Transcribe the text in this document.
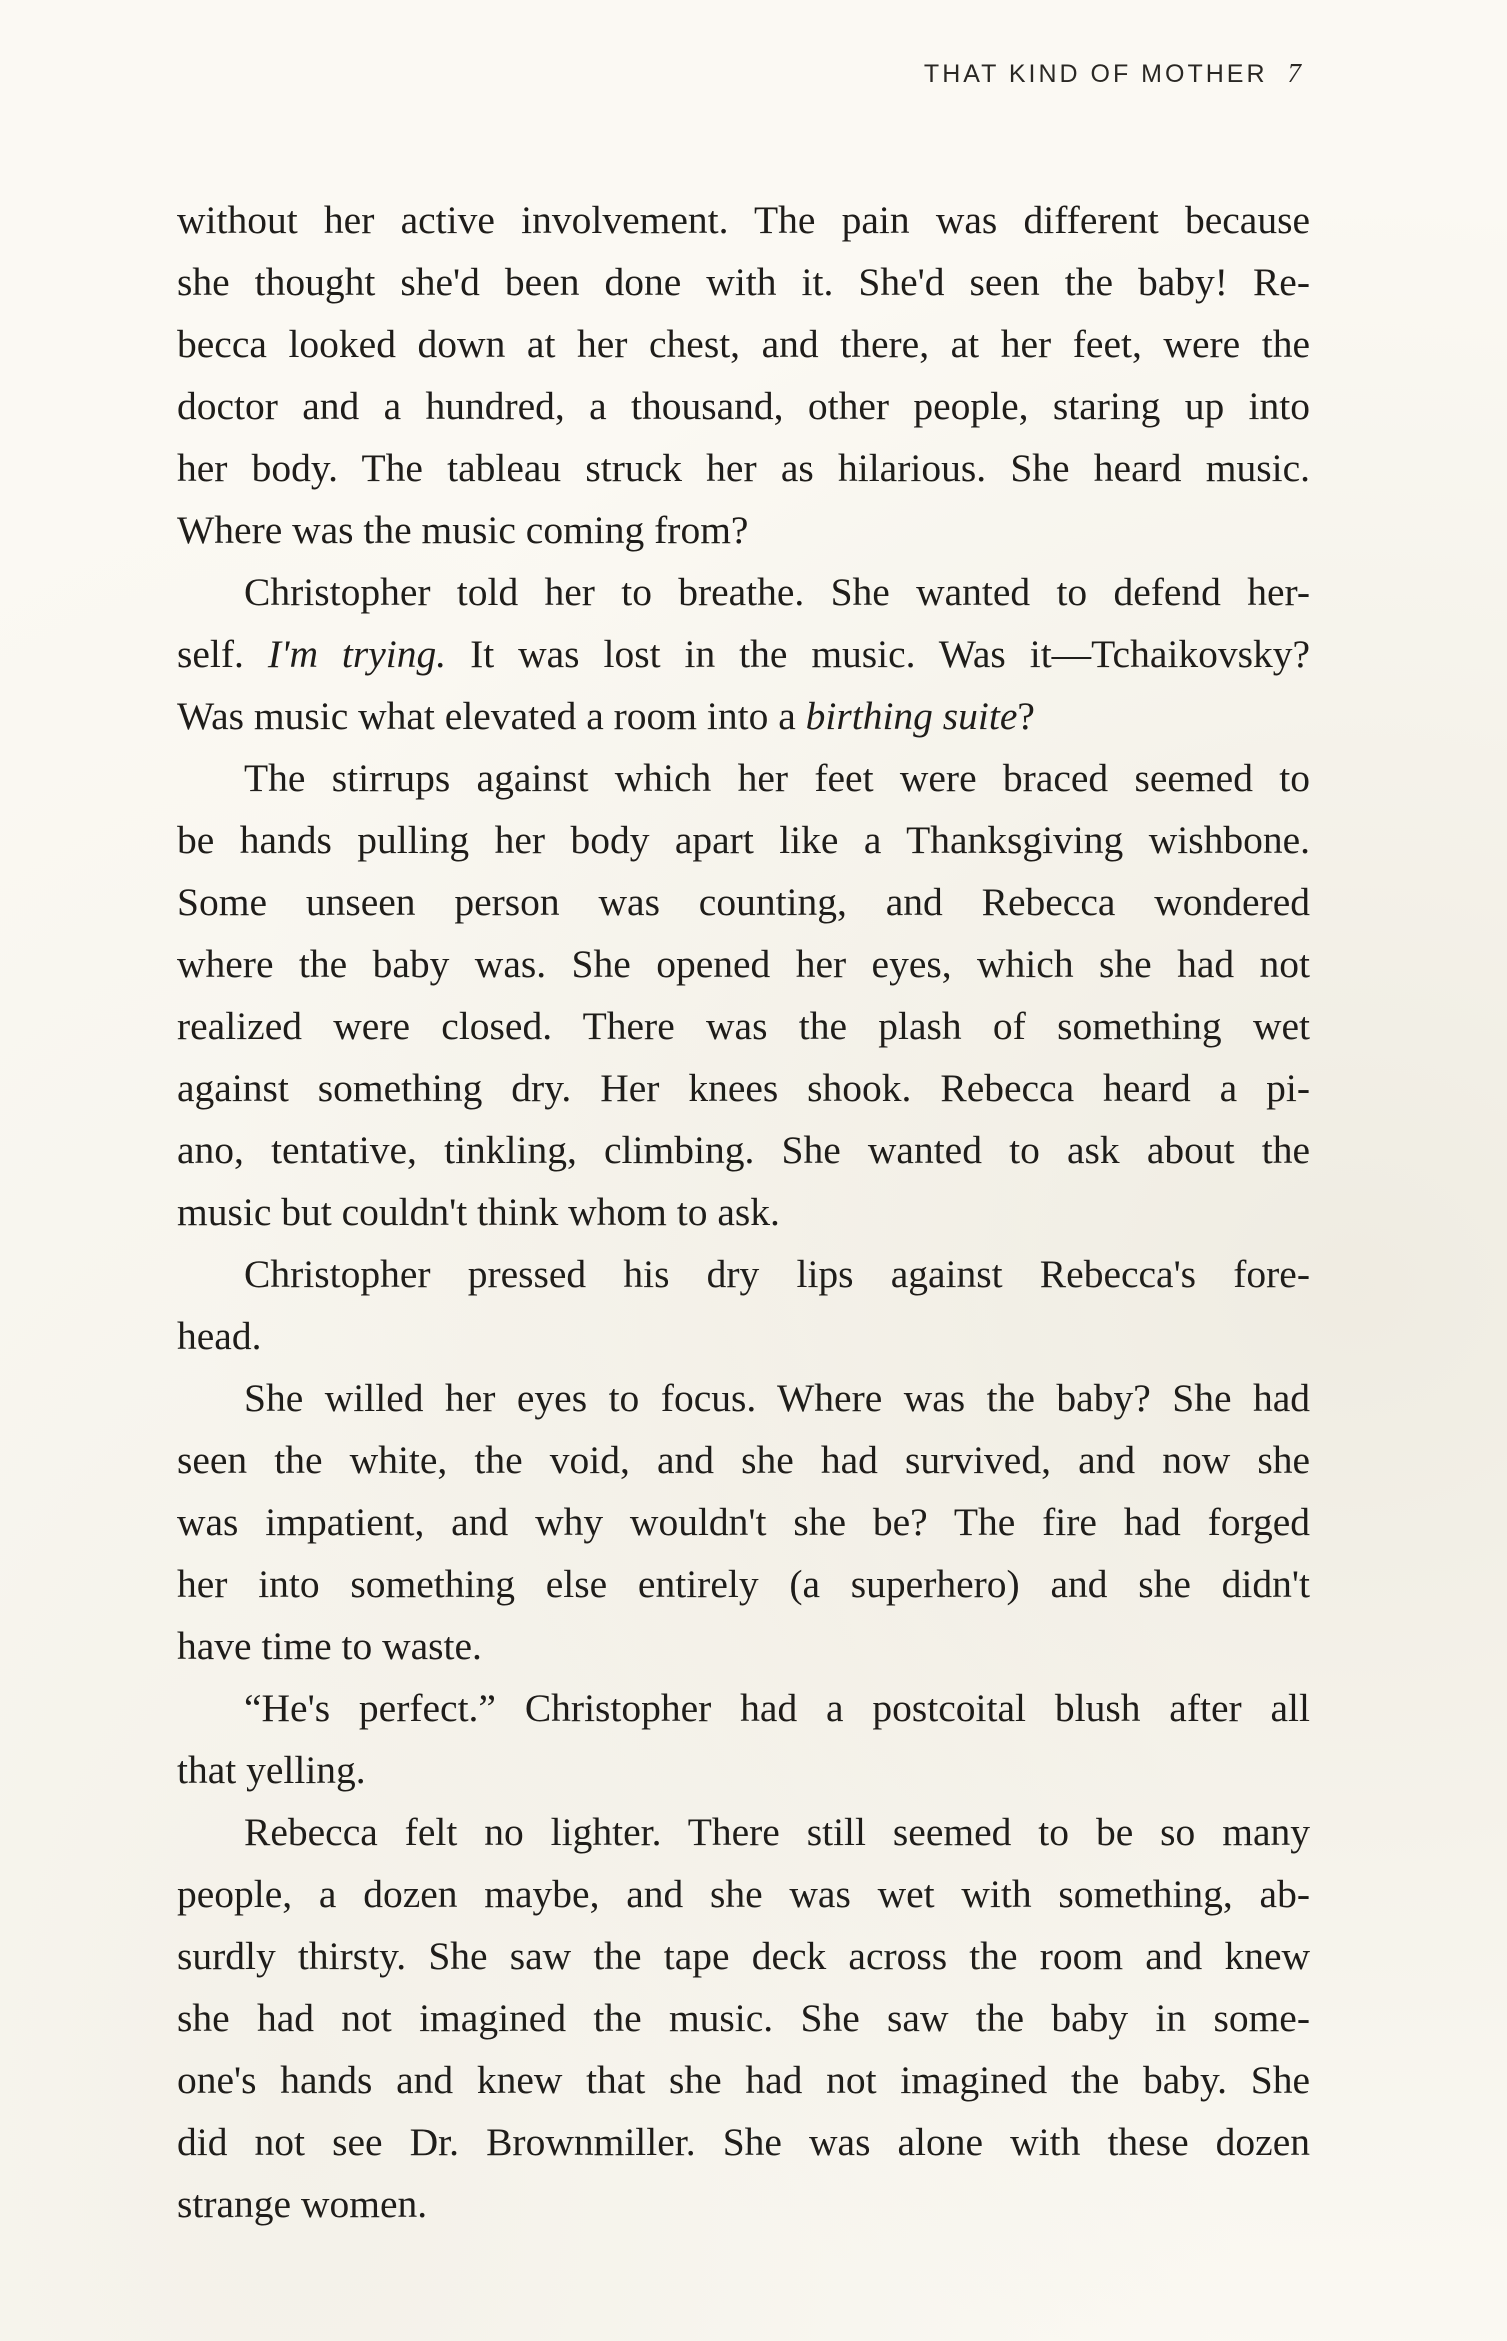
THAT KIND OF MOTHER 7

without her active involvement. The pain was different because
she thought she'd been done with it. She'd seen the baby! Re-
becca looked down at her chest, and there, at her feet, were the
doctor and a hundred, a thousand, other people, staring up into
her body. The tableau struck her as hilarious. She heard music.
Where was the music coming from?

Christopher told her to breathe. She wanted to defend her-
self. I'm trying. It was lost in the music. Was it—Tchaikovsky?
Was music what elevated a room into a birthing suite?

The stirrups against which her feet were braced seemed to
be hands pulling her body apart like a Thanksgiving wishbone.
Some unseen person was counting, and Rebecca wondered
where the baby was. She opened her eyes, which she had not
realized were closed. There was the plash of something wet
against something dry. Her knees shook. Rebecca heard a pi-
ano, tentative, tinkling, climbing. She wanted to ask about the
music but couldn't think whom to ask.

Christopher pressed his dry lips against Rebecca's fore-
head.

She willed her eyes to focus. Where was the baby? She had
seen the white, the void, and she had survived, and now she
was impatient, and why wouldn't she be? The fire had forged
her into something else entirely (a superhero) and she didn't
have time to waste.

“He's perfect.” Christopher had a postcoital blush after all
that yelling.

Rebecca felt no lighter. There still seemed to be so many
people, a dozen maybe, and she was wet with something, ab-
surdly thirsty. She saw the tape deck across the room and knew
she had not imagined the music. She saw the baby in some-
one's hands and knew that she had not imagined the baby. She
did not see Dr. Brownmiller. She was alone with these dozen
strange women.
